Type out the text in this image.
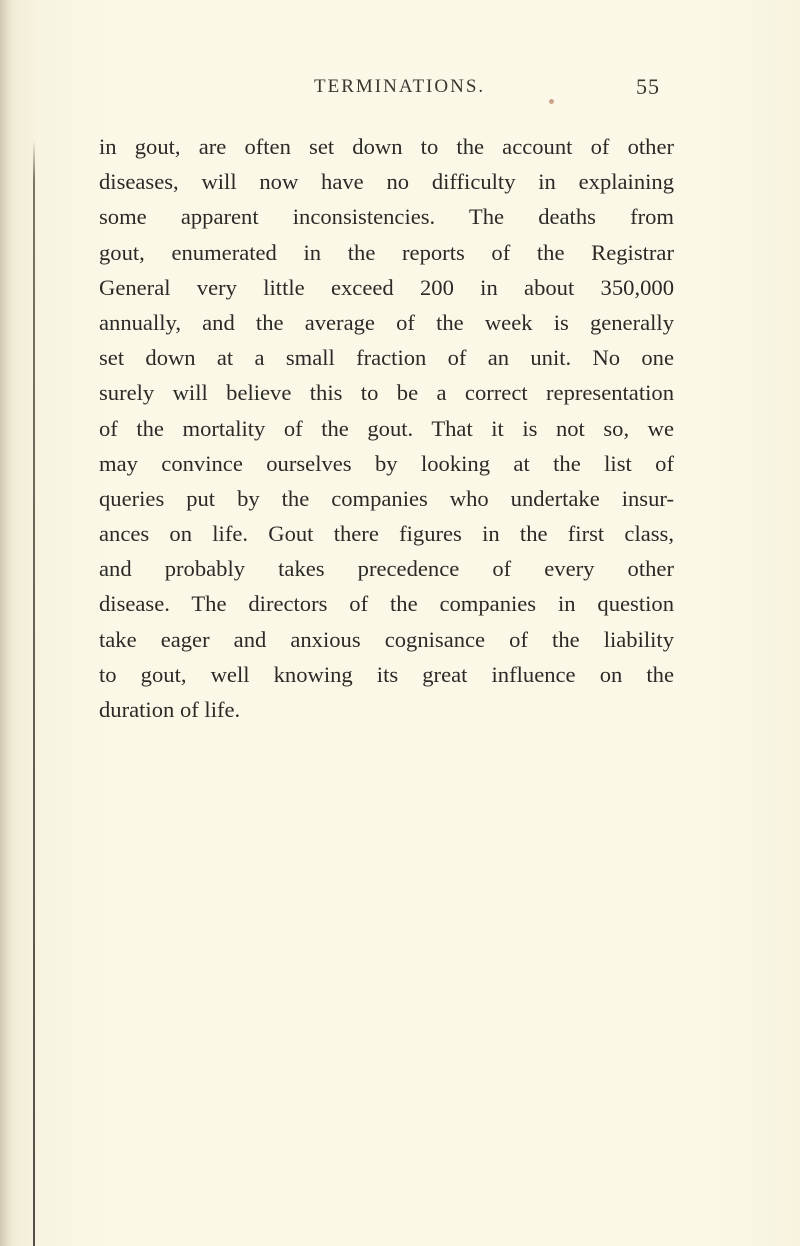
TERMINATIONS.	55
in gout, are often set down to the account of other
diseases, will now have no difficulty in explaining
some apparent inconsistencies. The deaths from
gout, enumerated in the reports of the Registrar
General very little exceed 200 in about 350,000
annually, and the average of the week is generally
set down at a small fraction of an unit. No one
surely will believe this to be a correct representation
of the mortality of the gout. That it is not so, we
may convince ourselves by looking at the list of
queries put by the companies who undertake insur-
ances on life. Gout there figures in the first class,
and probably takes precedence of every other
disease. The directors of the companies in question
take eager and anxious cognisance of the liability
to gout, well knowing its great influence on the
duration of life.
